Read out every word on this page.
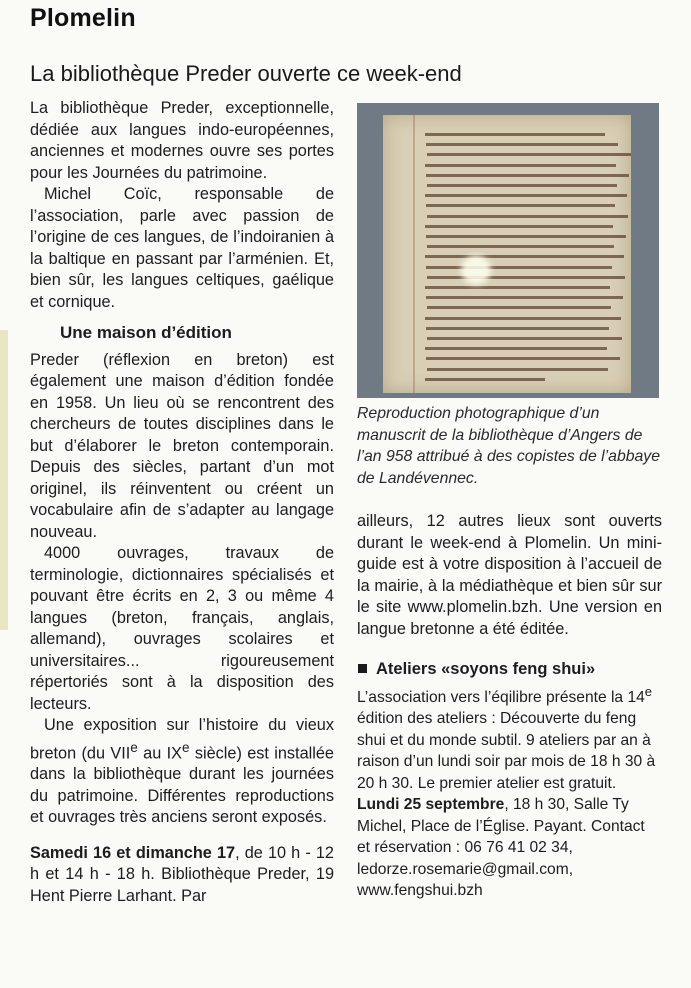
Plomelin
La bibliothèque Preder ouverte ce week-end

La bibliothèque Preder, exceptionnelle, dédiée aux langues indo-européennes, anciennes et modernes ouvre ses portes pour les Journées du patrimoine.

Michel Coïc, responsable de l’association, parle avec passion de l’origine de ces langues, de l’indoiranien à la baltique en passant par l’arménien. Et, bien sûr, les langues celtiques, gaélique et cornique.

Une maison d’édition

Preder (réflexion en breton) est également une maison d’édition fondée en 1958. Un lieu où se rencontrent des chercheurs de toutes disciplines dans le but d’élaborer le breton contemporain. Depuis des siècles, partant d’un mot originel, ils réinventent ou créent un vocabulaire afin de s’adapter au langage nouveau.

4000 ouvrages, travaux de terminologie, dictionnaires spécialisés et pouvant être écrits en 2, 3 ou même 4 langues (breton, français, anglais, allemand), ouvrages scolaires et universitaires... rigoureusement répertoriés sont à la disposition des lecteurs.

Une exposition sur l’histoire du vieux breton (du VIIe au IXe siècle) est installée dans la bibliothèque durant les journées du patrimoine. Différentes reproductions et ouvrages très anciens seront exposés.

Samedi 16 et dimanche 17, de 10 h - 12 h et 14 h - 18 h. Bibliothèque Preder, 19 Hent Pierre Larhant. Par

Reproduction photographique d’un manuscrit de la bibliothèque d’Angers de l’an 958 attribué à des copistes de l’abbaye de Landévennec.

ailleurs, 12 autres lieux sont ouverts durant le week-end à Plomelin. Un mini-guide est à votre disposition à l’accueil de la mairie, à la médiathèque et bien sûr sur le site www.plomelin.bzh. Une version en langue bretonne a été éditée.

Ateliers «soyons feng shui»

L’association vers l’éqilibre présente la 14e édition des ateliers : Découverte du feng shui et du monde subtil. 9 ateliers par an à raison d’un lundi soir par mois de 18 h 30 à 20 h 30. Le premier atelier est gratuit.

Lundi 25 septembre, 18 h 30, Salle Ty Michel, Place de l’Église. Payant. Contact et réservation : 06 76 41 02 34, ledorze.rosemarie@gmail.com, www.fengshui.bzh
